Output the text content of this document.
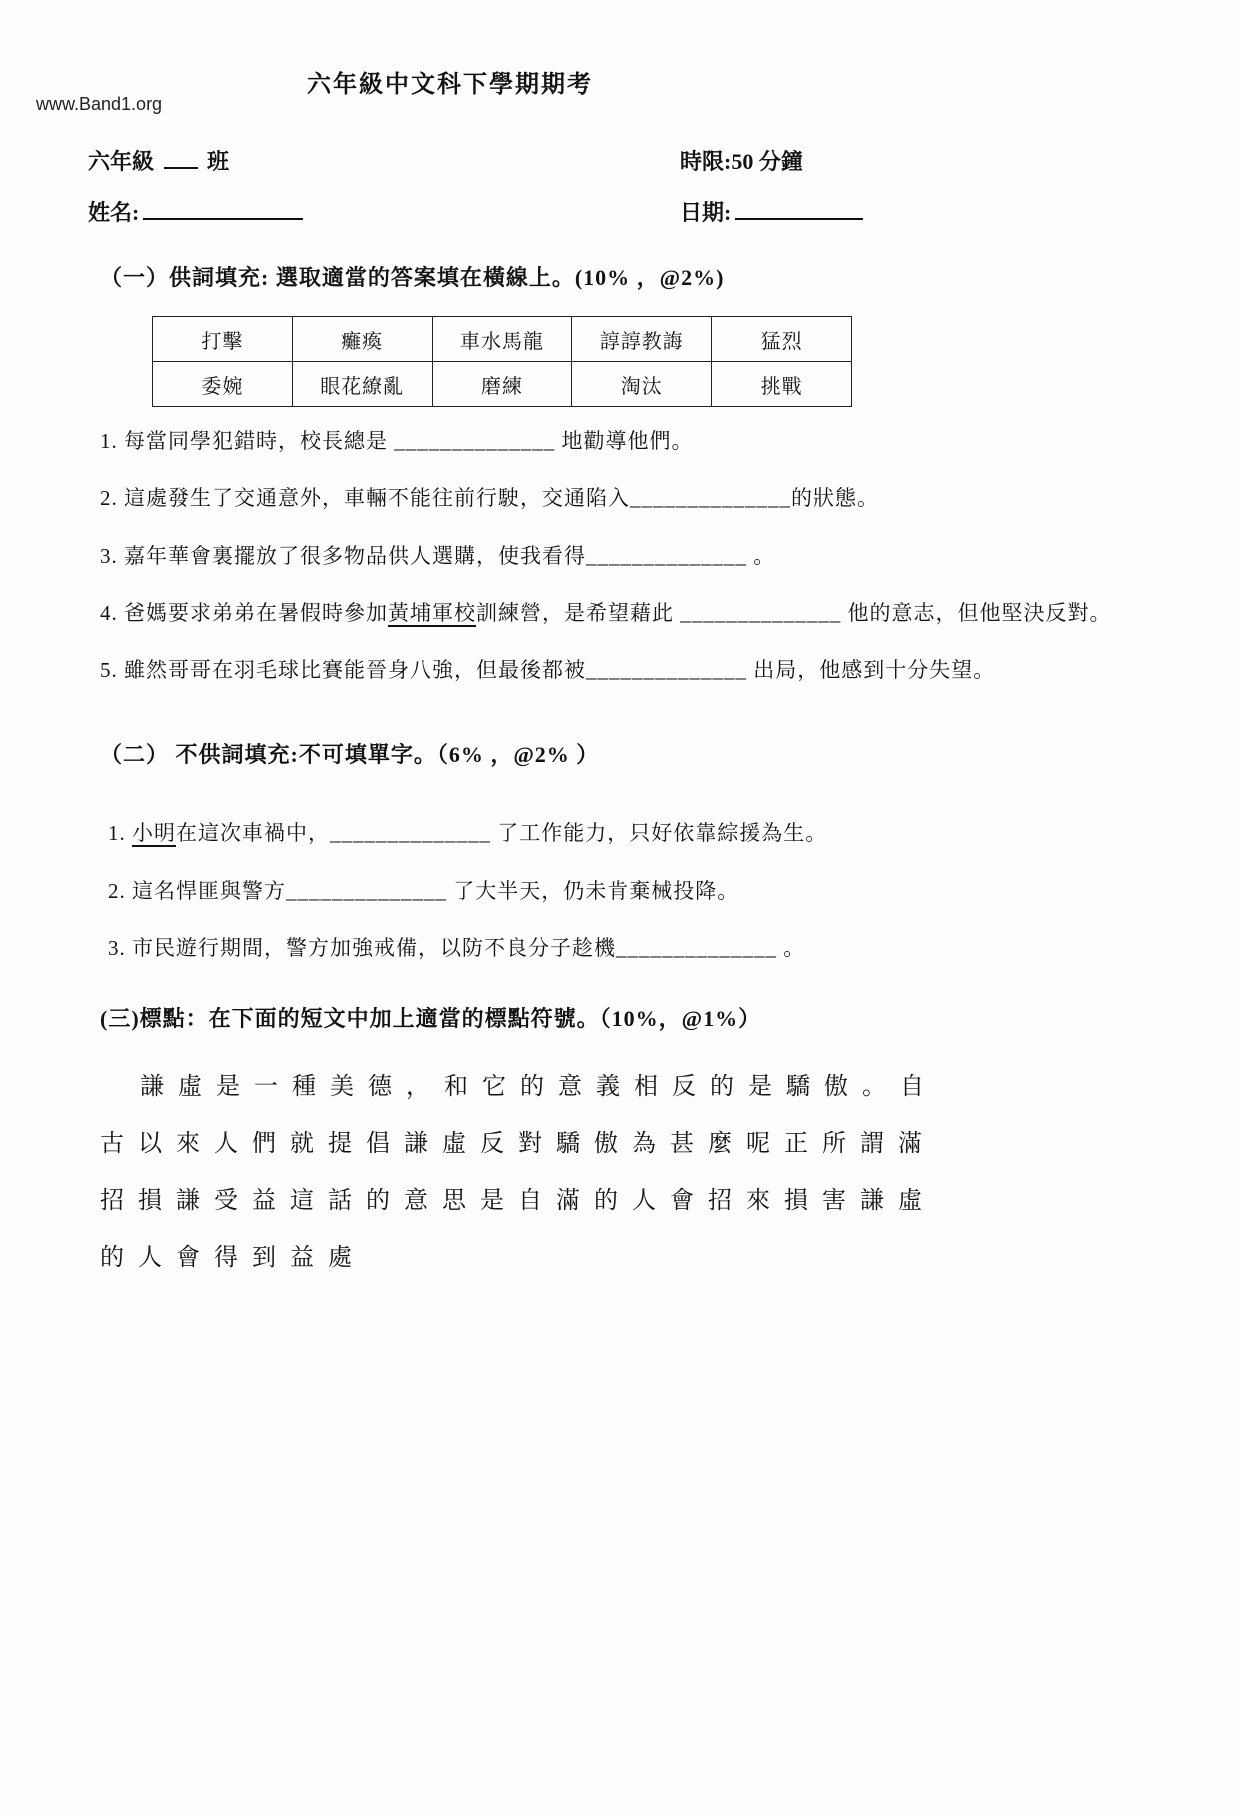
www.Band1.org
六年級中文科下學期期考
六年級 班	時限:50 分鐘
姓名:	日期:
（一）供詞填充: 選取適當的答案填在橫線上。(10% ，@2%)
打擊	癱瘓	車水馬龍	諄諄教誨	猛烈
委婉	眼花繚亂	磨練	淘汰	挑戰

1. 每當同學犯錯時，校長總是 ______________ 地勸導他們。

2. 這處發生了交通意外，車輛不能往前行駛，交通陷入______________的狀態。

3. 嘉年華會裏擺放了很多物品供人選購，使我看得______________ 。

4. 爸媽要求弟弟在暑假時參加黃埔軍校訓練營，是希望藉此 ______________ 他的意志，但他堅決反對。

5. 雖然哥哥在羽毛球比賽能晉身八強，但最後都被______________ 出局，他感到十分失望。

（二） 不供詞填充:不可填單字。（6% ，@2% ）

1. 小明在這次車禍中，______________ 了工作能力，只好依靠綜援為生。

2. 這名悍匪與警方______________ 了大半天，仍未肯棄械投降。

3. 市民遊行期間，警方加強戒備，以防不良分子趁機______________ 。

(三)標點：在下面的短文中加上適當的標點符號。（10%，@1%）
謙虛是一種美德，和它的意義相反的是驕傲。自
古以來人們就提倡謙虛反對驕傲為甚麼呢正所謂滿
招損謙受益這話的意思是自滿的人會招來損害謙虛
的人會得到益處
